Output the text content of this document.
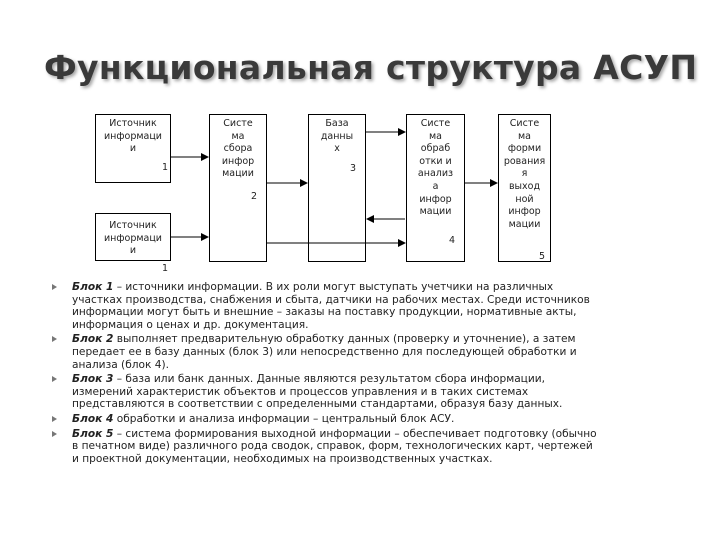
Функциональная структура АСУП
Источник
информаци
и
1
Источник
информаци
и
1
Систе
ма
сбора
инфор
мации
2
База
данны
х
3
Систе
ма
обраб
отки и
анализ
а
инфор
мации
4
Систе
ма
форми
рования
я
выход
ной
инфор
мации
5
Блок 1 – источники информации. В их роли могут выступать учетчики на различных
участках производства, снабжения и сбыта, датчики на рабочих местах. Среди источников
информации могут быть и внешние – заказы на поставку продукции, нормативные акты,
информация о ценах и др. документация.
Блок 2 выполняет предварительную обработку данных (проверку и уточнение), а затем
передает ее в базу данных (блок 3) или непосредственно для последующей обработки и
анализа (блок 4).
Блок 3 – база или банк данных. Данные являются результатом сбора информации,
измерений характеристик объектов и процессов управления и в таких системах
представляются в соответствии с определенными стандартами, образуя базу данных.
Блок 4 обработки и анализа информации – центральный блок АСУ.
Блок 5 – система формирования выходной информации – обеспечивает подготовку (обычно
в печатном виде) различного рода сводок, справок, форм, технологических карт, чертежей
и проектной документации, необходимых на производственных участках.
